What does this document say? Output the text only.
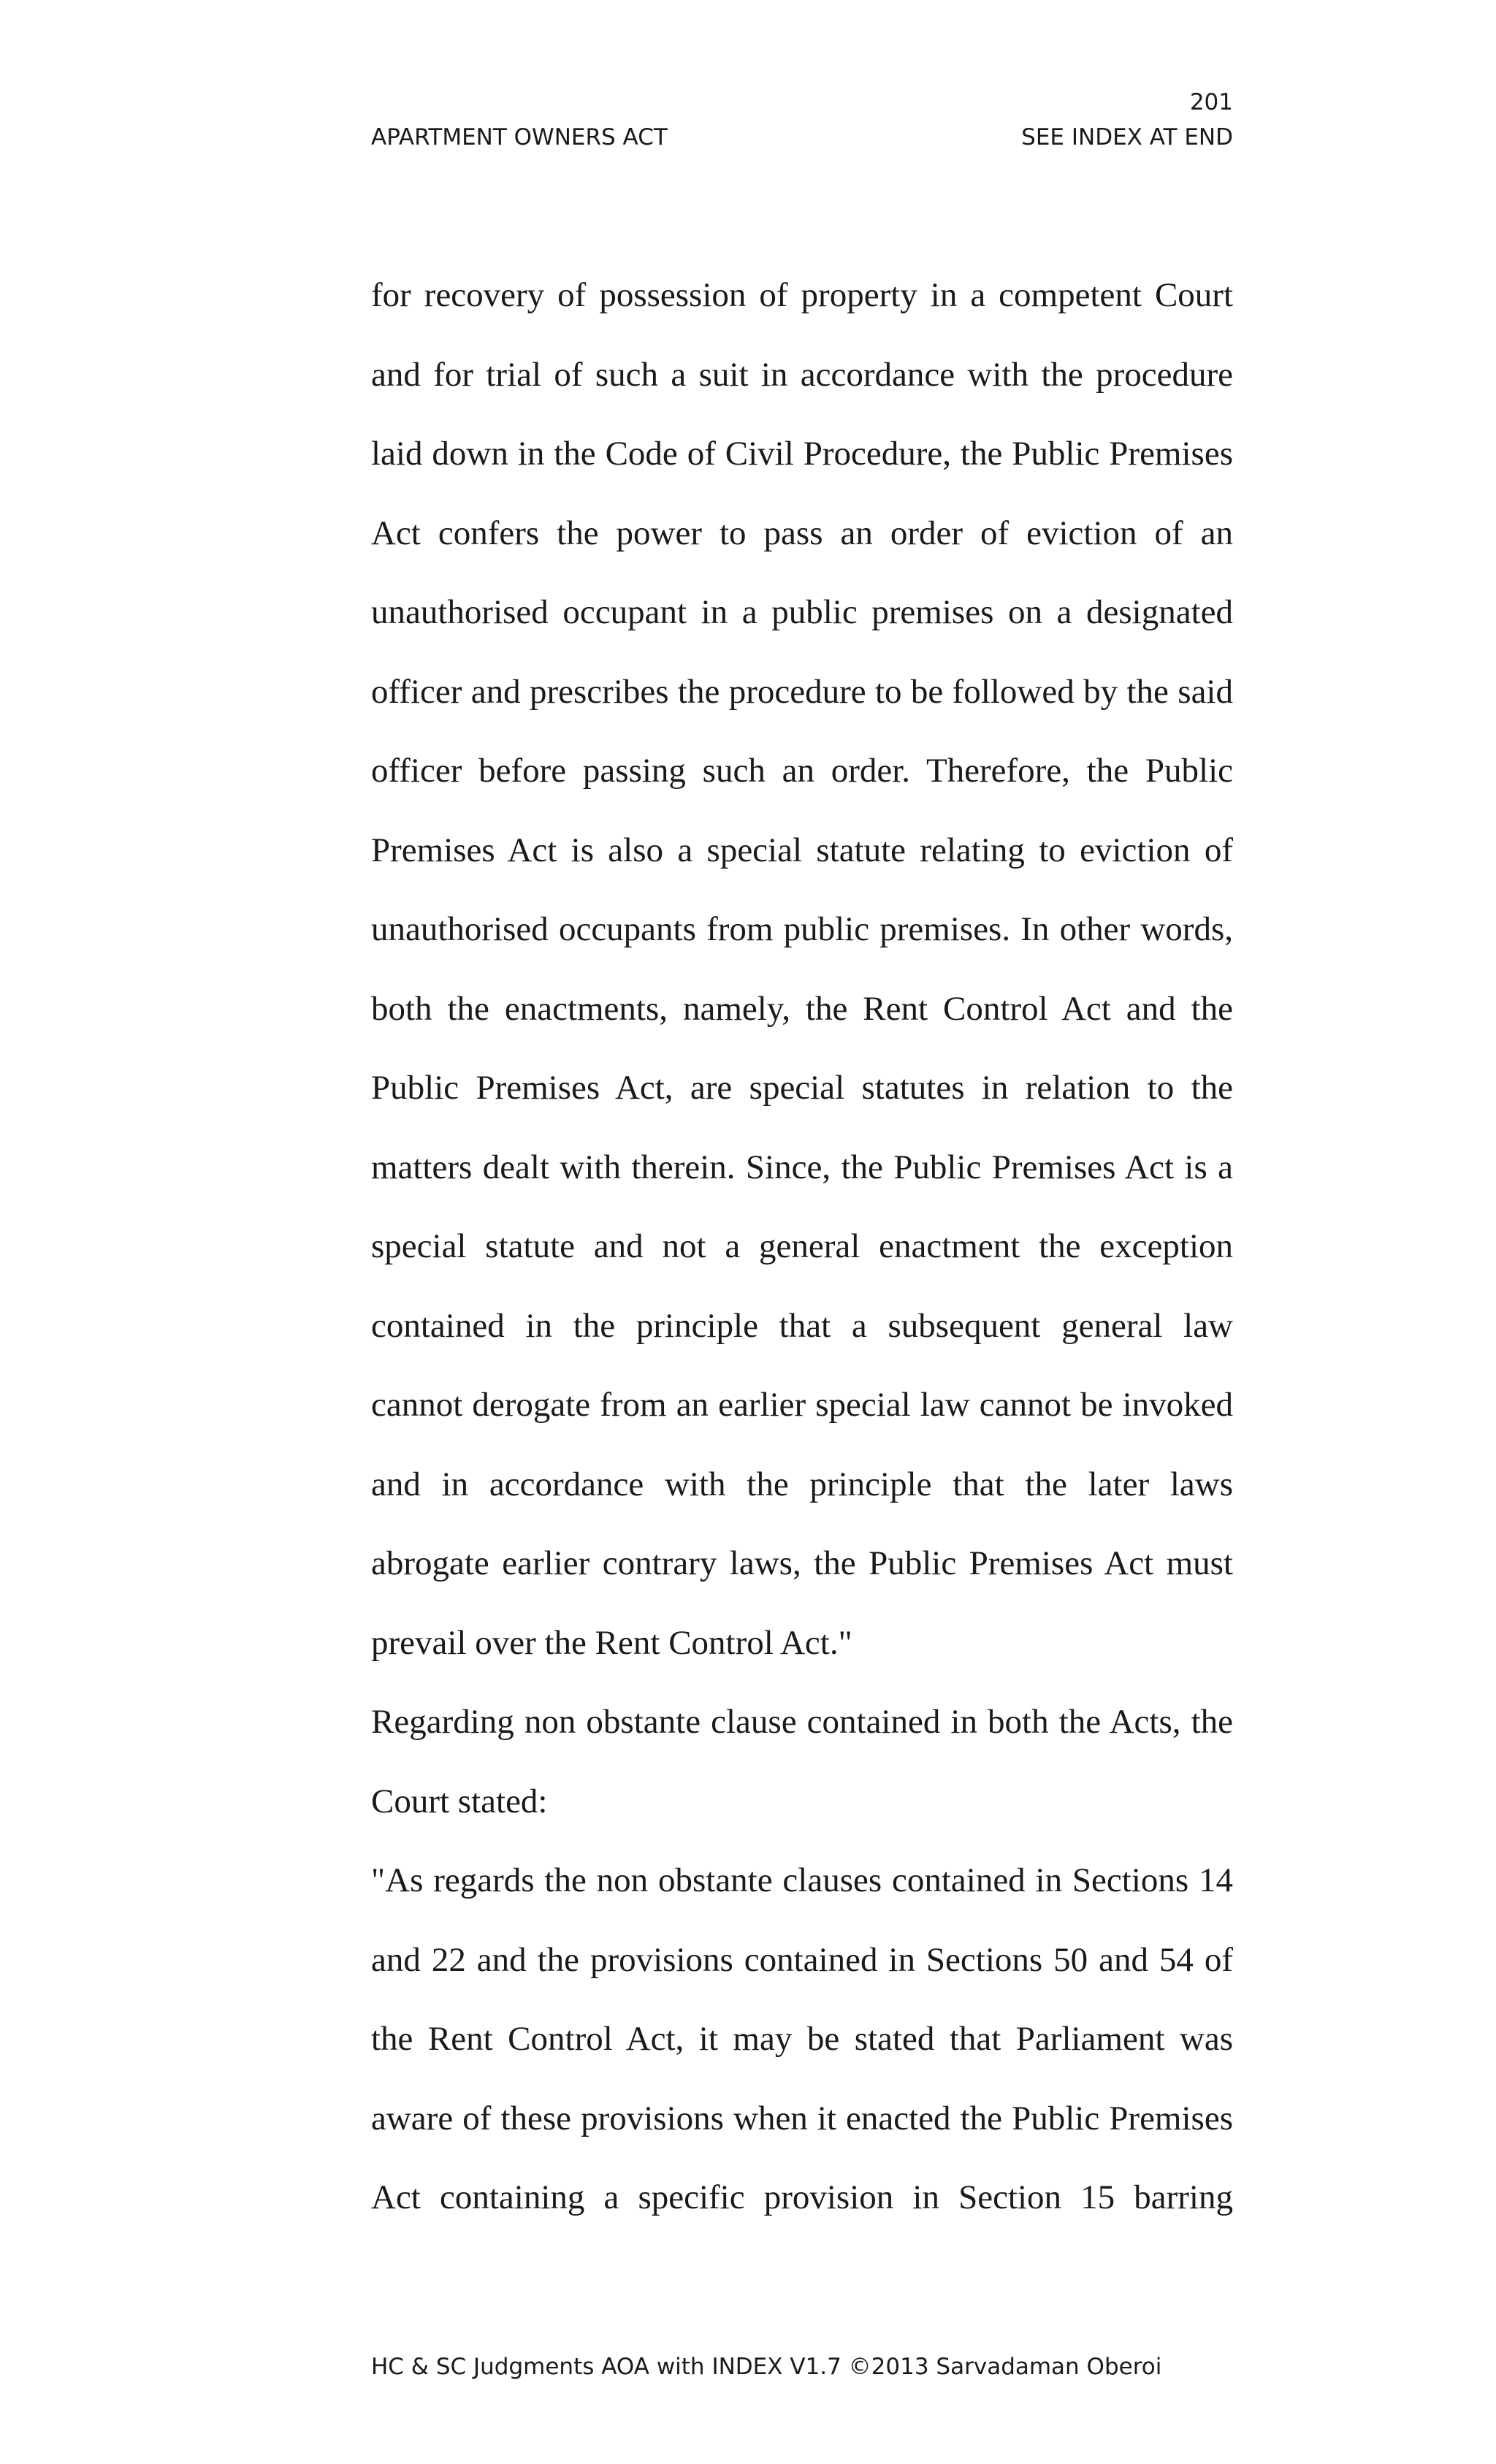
201
APARTMENT OWNERS ACT	SEE INDEX AT END

for recovery of possession of property in a competent Court and for trial of such a suit in accordance with the procedure laid down in the Code of Civil Procedure, the Public Premises Act confers the power to pass an order of eviction of an unauthorised occupant in a public premises on a designated officer and prescribes the procedure to be followed by the said officer before passing such an order. Therefore, the Public Premises Act is also a special statute relating to eviction of unauthorised occupants from public premises. In other words, both the enactments, namely, the Rent Control Act and the Public Premises Act, are special statutes in relation to the matters dealt with therein. Since, the Public Premises Act is a special statute and not a general enactment the exception contained in the principle that a subsequent general law cannot derogate from an earlier special law cannot be invoked and in accordance with the principle that the later laws abrogate earlier contrary laws, the Public Premises Act must prevail over the Rent Control Act."

Regarding non obstante clause contained in both the Acts, the Court stated:

"As regards the non obstante clauses contained in Sections 14 and 22 and the provisions contained in Sections 50 and 54 of the Rent Control Act, it may be stated that Parliament was aware of these provisions when it enacted the Public Premises Act containing a specific provision in Section 15 barring

HC & SC Judgments AOA with INDEX V1.7 ©2013 Sarvadaman Oberoi
